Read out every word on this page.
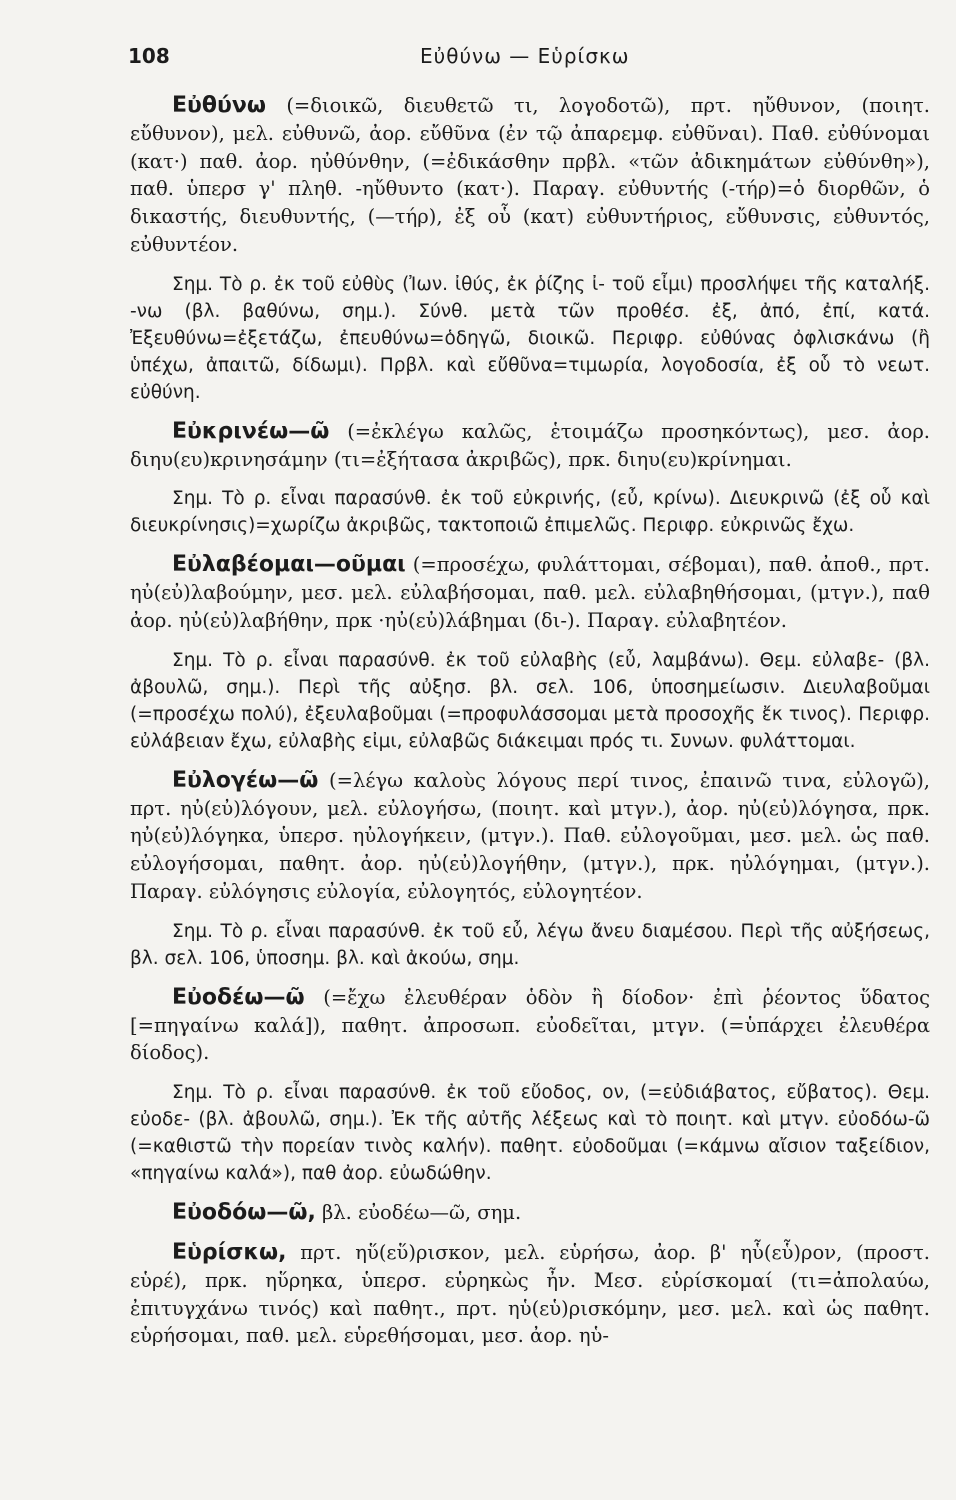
108	Εὐθύνω — Εὑρίσκω

Εὐθύνω (=διοικῶ, διευθετῶ τι, λογοδοτῶ), πρτ. ηὔθυνον, (ποιητ. εὔθυνον), μελ. εὐθυνῶ, ἀορ. εὔθῦνα (ἐν τῷ ἀπαρεμφ. εὐθῦναι). Παθ. εὐθύνομαι (κατ·) παθ. ἀορ. ηὐθύνθην, (=ἐδικάσθην πρβλ. «τῶν ἀδικημάτων εὐθύνθη»), παθ. ὑπερσ γ' πληθ. -ηὔθυντο (κατ·). Παραγ. εὐθυντής (-τήρ)=ὁ διορθῶν, ὁ δικαστής, διευθυντής, (—τήρ), ἐξ οὗ (κατ) εὐθυντήριος, εὔθυνσις, εὐθυντός, εὐθυντέον.

Σημ. Τὸ ρ. ἐκ τοῦ εὐθὺς (Ἰων. ἰθύς, ἐκ ῥίζης ἰ- τοῦ εἶμι) προσλήψει τῆς καταλήξ. -νω (βλ. βαθύνω, σημ.). Σύνθ. μετὰ τῶν προθέσ. ἐξ, ἀπό, ἐπί, κατά. Ἐξευθύνω=ἐξετάζω, ἐπευθύνω=ὁδηγῶ, διοικῶ. Περιφρ. εὐθύνας ὀφλισκάνω (ἢ ὑπέχω, ἀπαιτῶ, δίδωμι). Πρβλ. καὶ εὔθῦνα=τιμωρία, λογοδοσία, ἐξ οὗ τὸ νεωτ. εὐθύνη.

Εὐκρινέω—ῶ (=ἐκλέγω καλῶς, ἑτοιμάζω προσηκόντως), μεσ. ἀορ. διηυ(ευ)κρινησάμην (τι=ἐξήτασα ἀκριβῶς), πρκ. διηυ(ευ)κρίνημαι.

Σημ. Τὸ ρ. εἶναι παρασύνθ. ἐκ τοῦ εὐκρινής, (εὖ, κρίνω). Διευκρινῶ (ἐξ οὗ καὶ διευκρίνησις)=χωρίζω ἀκριβῶς, τακτοποιῶ ἐπιμελῶς. Περιφρ. εὐκρινῶς ἔχω.

Εὐλαβέομαι—οῦμαι (=προσέχω, φυλάττομαι, σέβομαι), παθ. ἀποθ., πρτ. ηὐ(εὐ)λαβούμην, μεσ. μελ. εὐλαβήσομαι, παθ. μελ. εὐλαβηθήσομαι, (μτγν.), παθ ἀορ. ηὐ(εὐ)λαβήθην, πρκ ·ηὐ(εὐ)λάβημαι (δι-). Παραγ. εὐλαβητέον.

Σημ. Τὸ ρ. εἶναι παρασύνθ. ἐκ τοῦ εὐλαβὴς (εὖ, λαμβάνω). Θεμ. εὐλαβε- (βλ. ἀβουλῶ, σημ.). Περὶ τῆς αὐξησ. βλ. σελ. 106, ὑποσημείωσιν. Διευλαβοῦμαι (=προσέχω πολύ), ἐξευλαβοῦμαι (=προφυλάσσομαι μετὰ προσοχῆς ἔκ τινος). Περιφρ. εὐλάβειαν ἔχω, εὐλαβὴς εἰμι, εὐλαβῶς διάκειμαι πρός τι. Συνων. φυλάττομαι.

Εὐλογέω—ῶ (=λέγω καλοὺς λόγους περί τινος, ἐπαινῶ τινα, εὐλογῶ), πρτ. ηὐ(εὐ)λόγουν, μελ. εὐλογήσω, (ποιητ. καὶ μτγν.), ἀορ. ηὐ(εὐ)λόγησα, πρκ. ηὐ(εὐ)λόγηκα, ὑπερσ. ηὐλογήκειν, (μτγν.). Παθ. εὐλογοῦμαι, μεσ. μελ. ὡς παθ. εὐλογήσομαι, παθητ. ἀορ. ηὐ(εὐ)λογήθην, (μτγν.), πρκ. ηὐλόγημαι, (μτγν.). Παραγ. εὐλόγησις εὐλογία, εὐλογητός, εὐλογητέον.

Σημ. Τὸ ρ. εἶναι παρασύνθ. ἐκ τοῦ εὖ, λέγω ἄνευ διαμέσου. Περὶ τῆς αὐξήσεως, βλ. σελ. 106, ὑποσημ. βλ. καὶ ἀκούω, σημ.

Εὐοδέω—ῶ (=ἔχω ἐλευθέραν ὁδὸν ἢ δίοδον· ἐπὶ ῥέοντος ὕδατος [=πηγαίνω καλά]), παθητ. ἀπροσωπ. εὐοδεῖται, μτγν. (=ὑπάρχει ἐλευθέρα δίοδος).

Σημ. Τὸ ρ. εἶναι παρασύνθ. ἐκ τοῦ εὔοδος, ον, (=εὐδιάβατος, εὔβατος). Θεμ. εὐοδε- (βλ. ἀβουλῶ, σημ.). Ἐκ τῆς αὐτῆς λέξεως καὶ τὸ ποιητ. καὶ μτγν. εὐοδόω-ῶ (=καθιστῶ τὴν πορείαν τινὸς καλήν). παθητ. εὐοδοῦμαι (=κάμνω αἴσιον ταξείδιον, «πηγαίνω καλά»), παθ ἀορ. εὐωδώθην.

Εὐοδόω—ῶ, βλ. εὐοδέω—ῶ, σημ.

Εὑρίσκω, πρτ. ηὕ(εὕ)ρισκον, μελ. εὑρήσω, ἀορ. β' ηὗ(εὗ)ρον, (προστ. εὑρέ), πρκ. ηὕρηκα, ὑπερσ. εὑρηκὼς ἦν. Μεσ. εὑρίσκομαί (τι=ἀπολαύω, ἐπιτυγχάνω τινός) καὶ παθητ., πρτ. ηὑ(εὑ)ρισκόμην, μεσ. μελ. καὶ ὡς παθητ. εὑρήσομαι, παθ. μελ. εὑρεθήσομαι, μεσ. ἀορ. ηὑ-
